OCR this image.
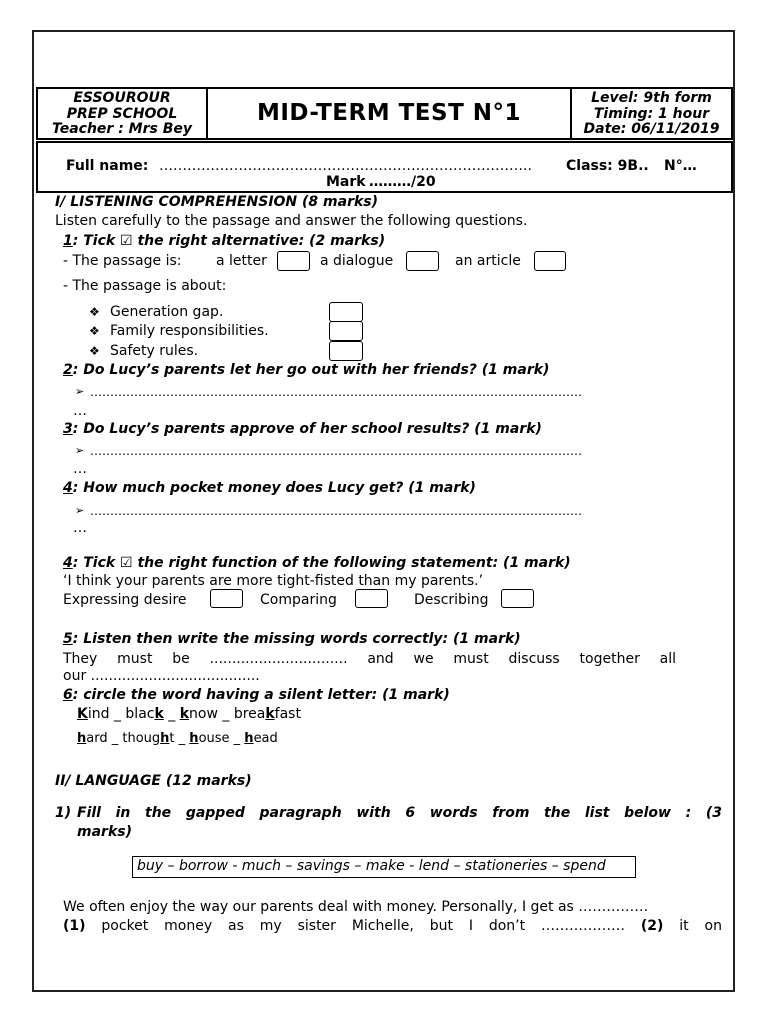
ESSOUROUR
PREP SCHOOL
Teacher : Mrs Bey
MID-TERM TEST N°1
Level: 9th form
Timing: 1 hour
Date: 06/11/2019
Full name: ……………………………………………………………………..	Class: 9B.. N°…
Mark ………/20
I/ LISTENING COMPREHENSION (8 marks)
Listen carefully to the passage and answer the following questions.
1: Tick ☑ the right alternative: (2 marks)
- The passage is: a letter	a dialogue	an article
- The passage is about:
❖ Generation gap.
❖ Family responsibilities.
❖ Safety rules.
2: Do Lucy’s parents let her go out with her friends? (1 mark)
➢ ……………………………………………………………………………………………………………
…
3: Do Lucy’s parents approve of her school results? (1 mark)
➢ ……………………………………………………………………………………………………………
…
4: How much pocket money does Lucy get? (1 mark)
➢ ……………………………………………………………………………………………………………
…
4: Tick ☑ the right function of the following statement: (1 mark)
‘I think your parents are more tight-fisted than my parents.’
Expressing desire	Comparing	Describing
5: Listen then write the missing words correctly: (1 mark)
They must be ............................... and we must discuss together all
our ......................................
6: circle the word having a silent letter: (1 mark)
Kind _ black _ know _ breakfast
hard _ thought _ house _ head
II/ LANGUAGE (12 marks)
1) Fill in the gapped paragraph with 6 words from the list below : (3
marks)
buy – borrow - much – savings – make - lend – stationeries – spend
We often enjoy the way our parents deal with money. Personally, I get as ……………
(1) pocket money as my sister Michelle, but I don’t ……………… (2) it on
